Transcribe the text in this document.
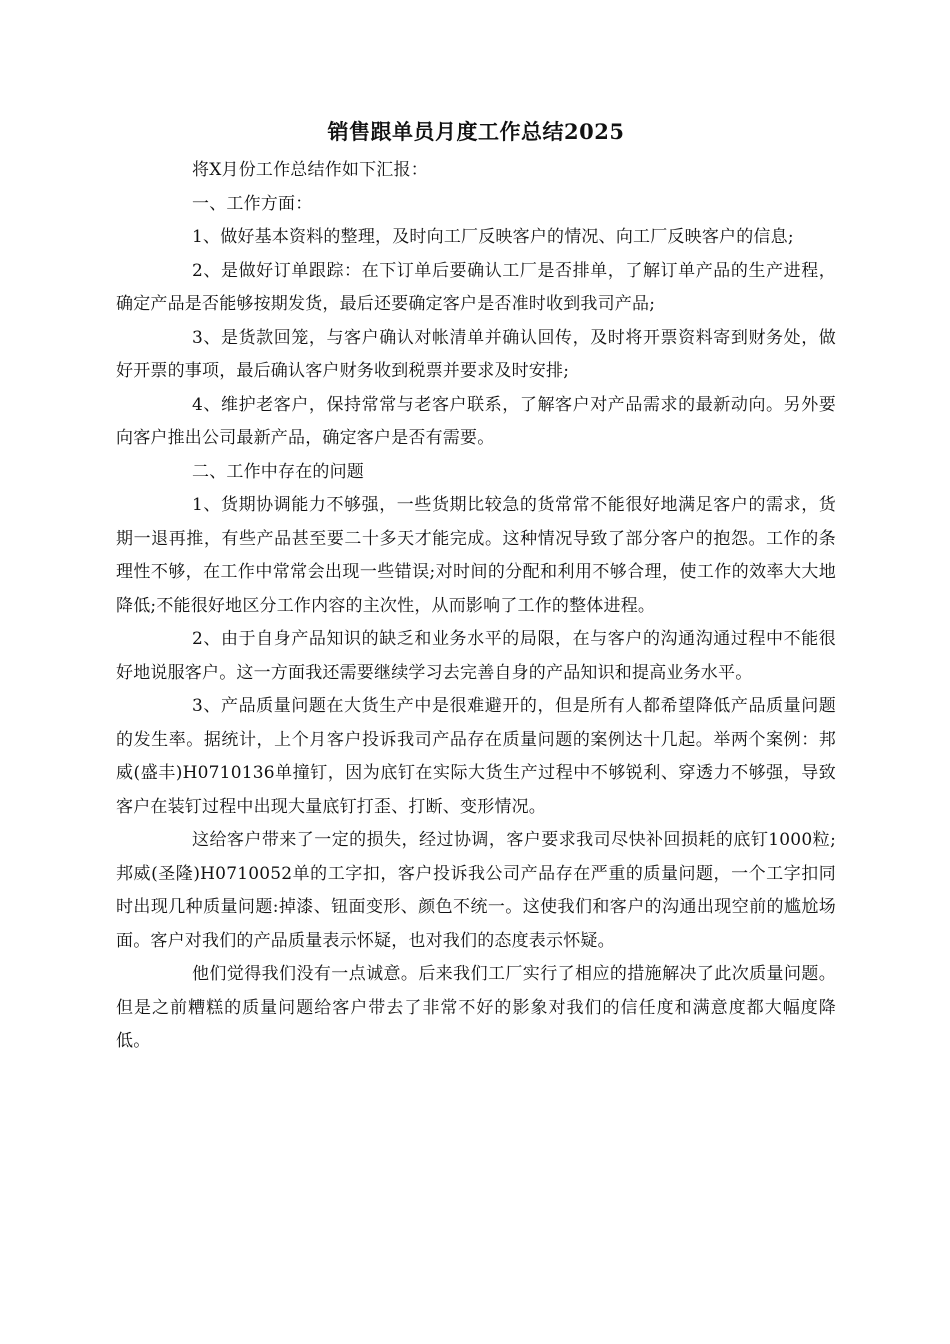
销售跟单员月度工作总结2025

将X月份工作总结作如下汇报：

一、工作方面：

1、做好基本资料的整理，及时向工厂反映客户的情况、向工厂反映客户的信息;

2、是做好订单跟踪：在下订单后要确认工厂是否排单，了解订单产品的生产进程，确定产品是否能够按期发货，最后还要确定客户是否准时收到我司产品;

3、是货款回笼，与客户确认对帐清单并确认回传，及时将开票资料寄到财务处，做好开票的事项，最后确认客户财务收到税票并要求及时安排;

4、维护老客户，保持常常与老客户联系，了解客户对产品需求的最新动向。另外要向客户推出公司最新产品，确定客户是否有需要。

二、工作中存在的问题

1、货期协调能力不够强，一些货期比较急的货常常不能很好地满足客户的需求，货期一退再推，有些产品甚至要二十多天才能完成。这种情况导致了部分客户的抱怨。工作的条理性不够，在工作中常常会出现一些错误;对时间的分配和利用不够合理，使工作的效率大大地降低;不能很好地区分工作内容的主次性，从而影响了工作的整体进程。

2、由于自身产品知识的缺乏和业务水平的局限，在与客户的沟通沟通过程中不能很好地说服客户。这一方面我还需要继续学习去完善自身的产品知识和提高业务水平。

3、产品质量问题在大货生产中是很难避开的，但是所有人都希望降低产品质量问题的发生率。据统计，上个月客户投诉我司产品存在质量问题的案例达十几起。举两个案例：邦威(盛丰)H0710136单撞钉，因为底钉在实际大货生产过程中不够锐利、穿透力不够强，导致客户在装钉过程中出现大量底钉打歪、打断、变形情况。

这给客户带来了一定的损失，经过协调，客户要求我司尽快补回损耗的底钉1000粒;邦威(圣隆)H0710052单的工字扣，客户投诉我公司产品存在严重的质量问题，一个工字扣同时出现几种质量问题:掉漆、钮面变形、颜色不统一。这使我们和客户的沟通出现空前的尴尬场面。客户对我们的产品质量表示怀疑，也对我们的态度表示怀疑。

他们觉得我们没有一点诚意。后来我们工厂实行了相应的措施解决了此次质量问题。但是之前糟糕的质量问题给客户带去了非常不好的影象对我们的信任度和满意度都大幅度降低。
